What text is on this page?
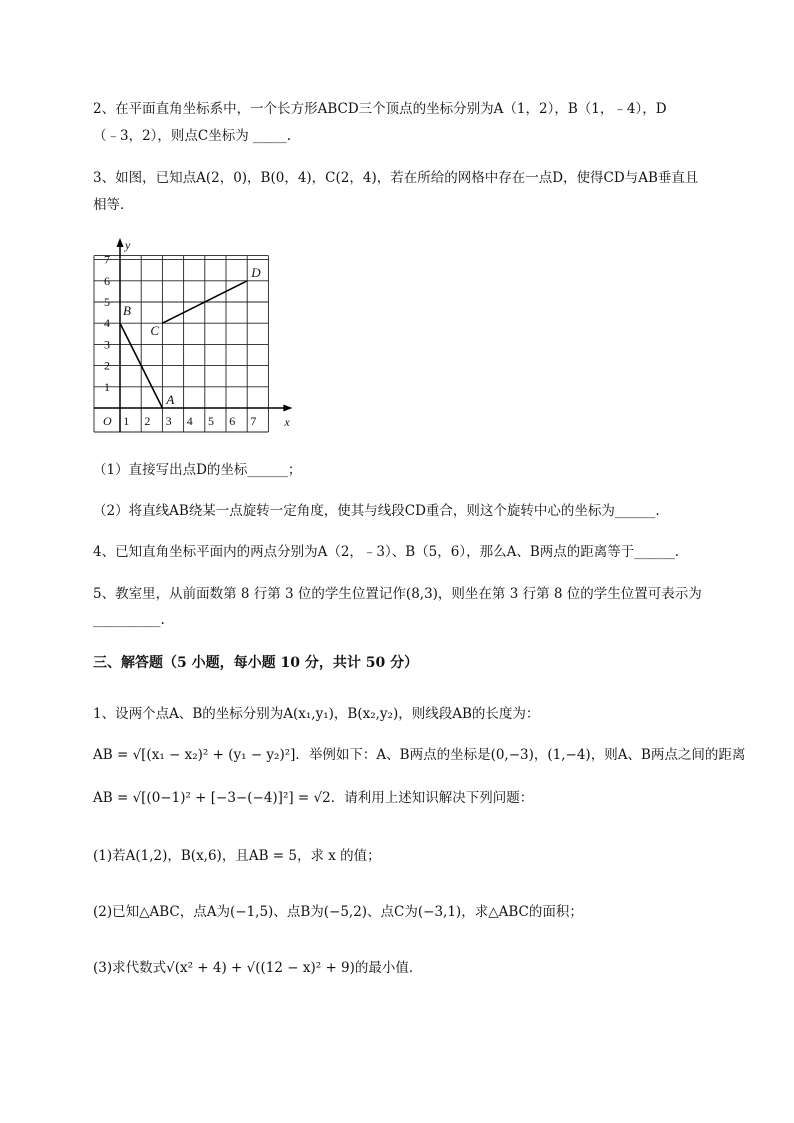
2、在平面直角坐标系中，一个长方形ABCD三个顶点的坐标分别为A（1，2），B（1，﹣4），D
（﹣3，2），则点C坐标为 _____.
3、如图，已知点A(2，0)，B(0，4)，C(2，4)，若在所给的网格中存在一点D，使得CD与AB垂直且
相等．
1 2 3 4 5 6 7
1
2
3
4
5
6
7
O	x
y
A
B
C
D
（1）直接写出点D的坐标______；
（2）将直线AB绕某一点旋转一定角度，使其与线段CD重合，则这个旋转中心的坐标为______.
4、已知直角坐标平面内的两点分别为A（2，﹣3）、B（5，6），那么A、B两点的距离等于______.
5、教室里，从前面数第 8 行第 3 位的学生位置记作(8,3)，则坐在第 3 行第 8 位的学生位置可表示为
__________.
三、解答题（5 小题，每小题 10 分，共计 50 分）
1、设两个点A、B的坐标分别为A(x₁,y₁)，B(x₂,y₂)，则线段AB的长度为：
AB = √[(x₁ − x₂)² + (y₁ − y₂)²]．举例如下：A、B两点的坐标是(0,−3)，(1,−4)，则A、B两点之间的距离
AB = √[(0−1)² + [−3−(−4)]²] = √2．请利用上述知识解决下列问题：
(1)若A(1,2)，B(x,6)，且AB = 5，求 x 的值；
(2)已知△ABC，点A为(−1,5)、点B为(−5,2)、点C为(−3,1)，求△ABC的面积；
(3)求代数式√(x² + 4) + √((12 − x)² + 9)的最小值．
